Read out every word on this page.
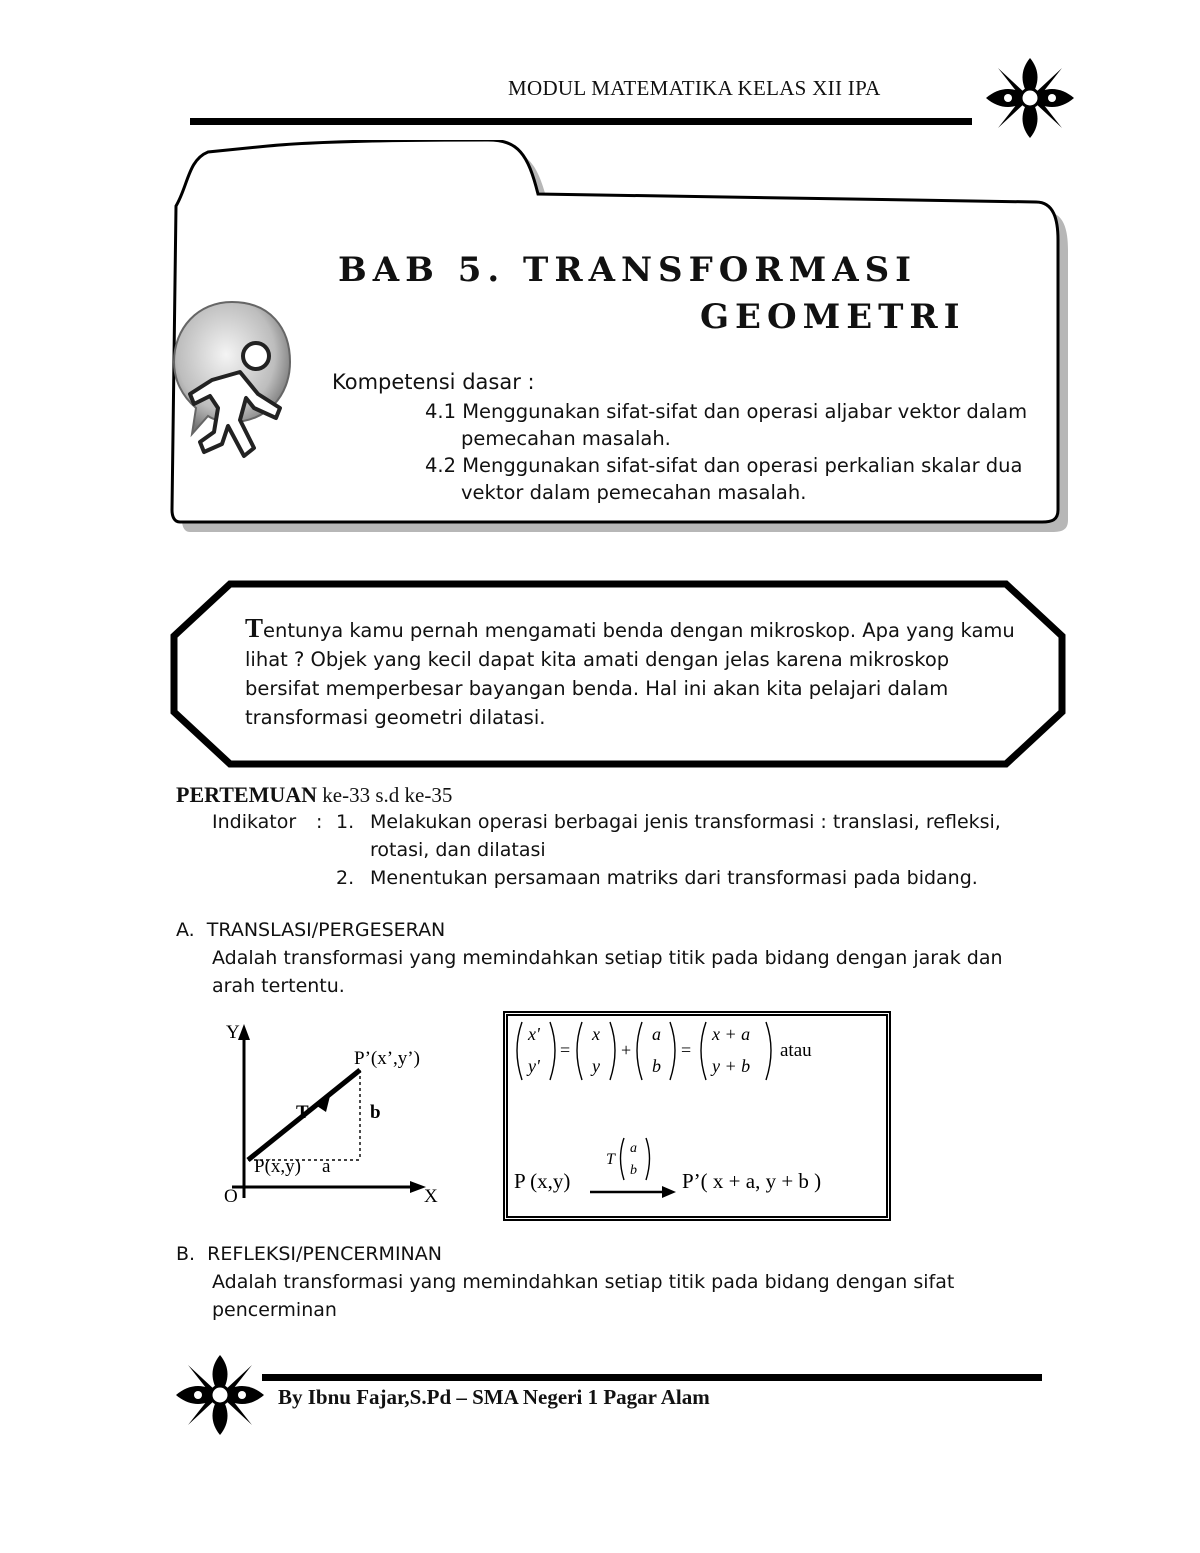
MODUL MATEMATIKA KELAS XII IPA
BAB 5. TRANSFORMASI
GEOMETRI
Kompetensi dasar :
4.1 Menggunakan sifat-sifat dan operasi aljabar vektor dalam
pemecahan masalah.
4.2 Menggunakan sifat-sifat dan operasi perkalian skalar dua
vektor dalam pemecahan masalah.
Tentunya kamu pernah mengamati benda dengan mikroskop. Apa yang kamu
lihat ? Objek yang kecil dapat kita amati dengan jelas karena mikroskop
bersifat memperbesar bayangan benda. Hal ini akan kita pelajari dalam
transformasi geometri dilatasi.
PERTEMUAN ke-33 s.d ke-35
Indikator : 1. Melakukan operasi berbagai jenis transformasi : translasi, refleksi,
rotasi, dan dilatasi
2. Menentukan persamaan matriks dari transformasi pada bidang.
A.  TRANSLASI/PERGESERAN
Adalah transformasi yang memindahkan setiap titik pada bidang dengan jarak dan
arah tertentu.
Y
X
O
P(x,y)
P’(x’,y’)
T
a
b
x'
y'
x
y
a
b
x + a
y + b
=	+	=	atau
T
a
b
P (x,y)	P’( x + a, y + b )
B.  REFLEKSI/PENCERMINAN
Adalah transformasi yang memindahkan setiap titik pada bidang dengan sifat
pencerminan
By Ibnu Fajar,S.Pd – SMA Negeri 1 Pagar Alam
